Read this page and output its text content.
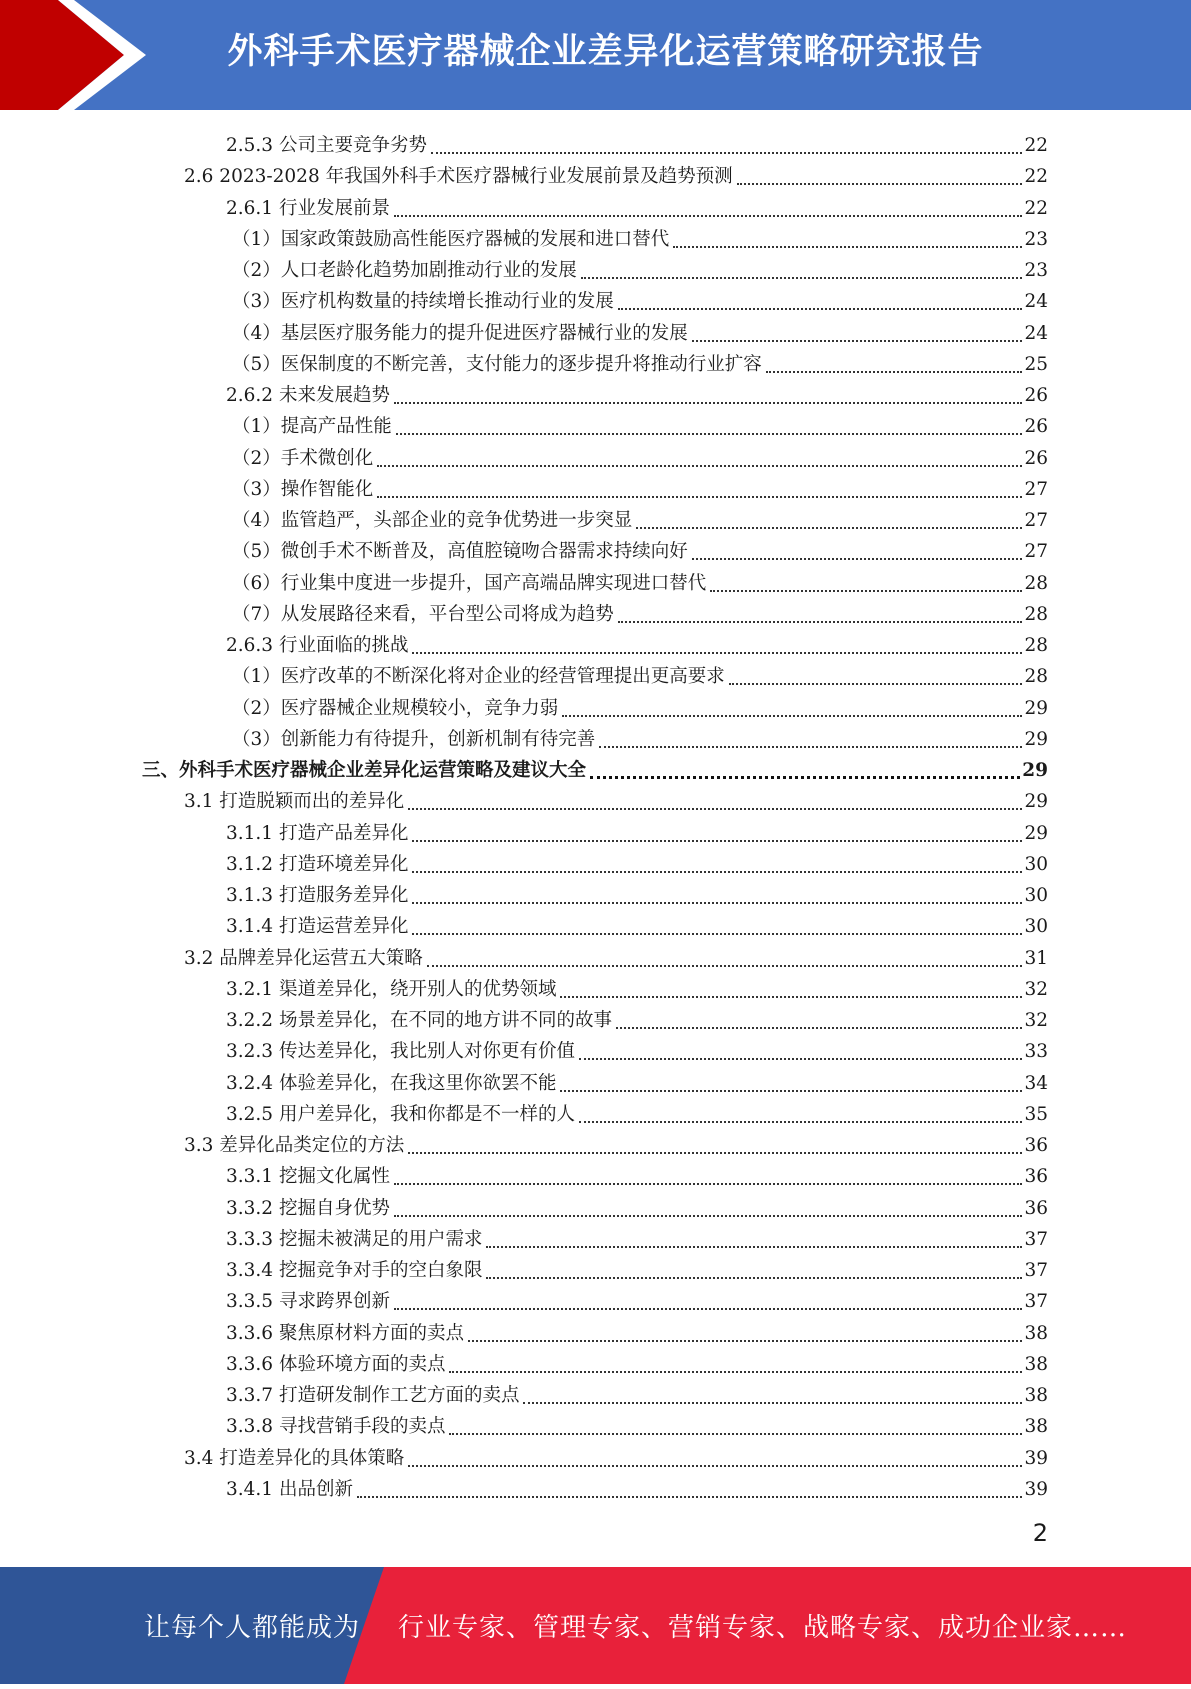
外科手术医疗器械企业差异化运营策略研究报告
2.5.3 公司主要竞争劣势	22
2.6 2023-2028 年我国外科手术医疗器械行业发展前景及趋势预测	22
2.6.1 行业发展前景	22
（1）国家政策鼓励高性能医疗器械的发展和进口替代	23
（2）人口老龄化趋势加剧推动行业的发展	23
（3）医疗机构数量的持续增长推动行业的发展	24
（4）基层医疗服务能力的提升促进医疗器械行业的发展	24
（5）医保制度的不断完善，支付能力的逐步提升将推动行业扩容	25
2.6.2 未来发展趋势	26
（1）提高产品性能	26
（2）手术微创化	26
（3）操作智能化	27
（4）监管趋严，头部企业的竞争优势进一步突显	27
（5）微创手术不断普及，高值腔镜吻合器需求持续向好	27
（6）行业集中度进一步提升，国产高端品牌实现进口替代	28
（7）从发展路径来看，平台型公司将成为趋势	28
2.6.3 行业面临的挑战	28
（1）医疗改革的不断深化将对企业的经营管理提出更高要求	28
（2）医疗器械企业规模较小，竞争力弱	29
（3）创新能力有待提升，创新机制有待完善	29
三、外科手术医疗器械企业差异化运营策略及建议大全	29
3.1 打造脱颖而出的差异化	29
3.1.1 打造产品差异化	29
3.1.2 打造环境差异化	30
3.1.3 打造服务差异化	30
3.1.4 打造运营差异化	30
3.2 品牌差异化运营五大策略	31
3.2.1 渠道差异化，绕开别人的优势领域	32
3.2.2 场景差异化，在不同的地方讲不同的故事	32
3.2.3 传达差异化，我比别人对你更有价值	33
3.2.4 体验差异化，在我这里你欲罢不能	34
3.2.5 用户差异化，我和你都是不一样的人	35
3.3 差异化品类定位的方法	36
3.3.1 挖掘文化属性	36
3.3.2 挖掘自身优势	36
3.3.3 挖掘未被满足的用户需求	37
3.3.4 挖掘竞争对手的空白象限	37
3.3.5 寻求跨界创新	37
3.3.6 聚焦原材料方面的卖点	38
3.3.6 体验环境方面的卖点	38
3.3.7 打造研发制作工艺方面的卖点	38
3.3.8 寻找营销手段的卖点	38
3.4 打造差异化的具体策略	39
3.4.1 出品创新	39
2
让每个人都能成为 行业专家、管理专家、营销专家、战略专家、成功企业家……
